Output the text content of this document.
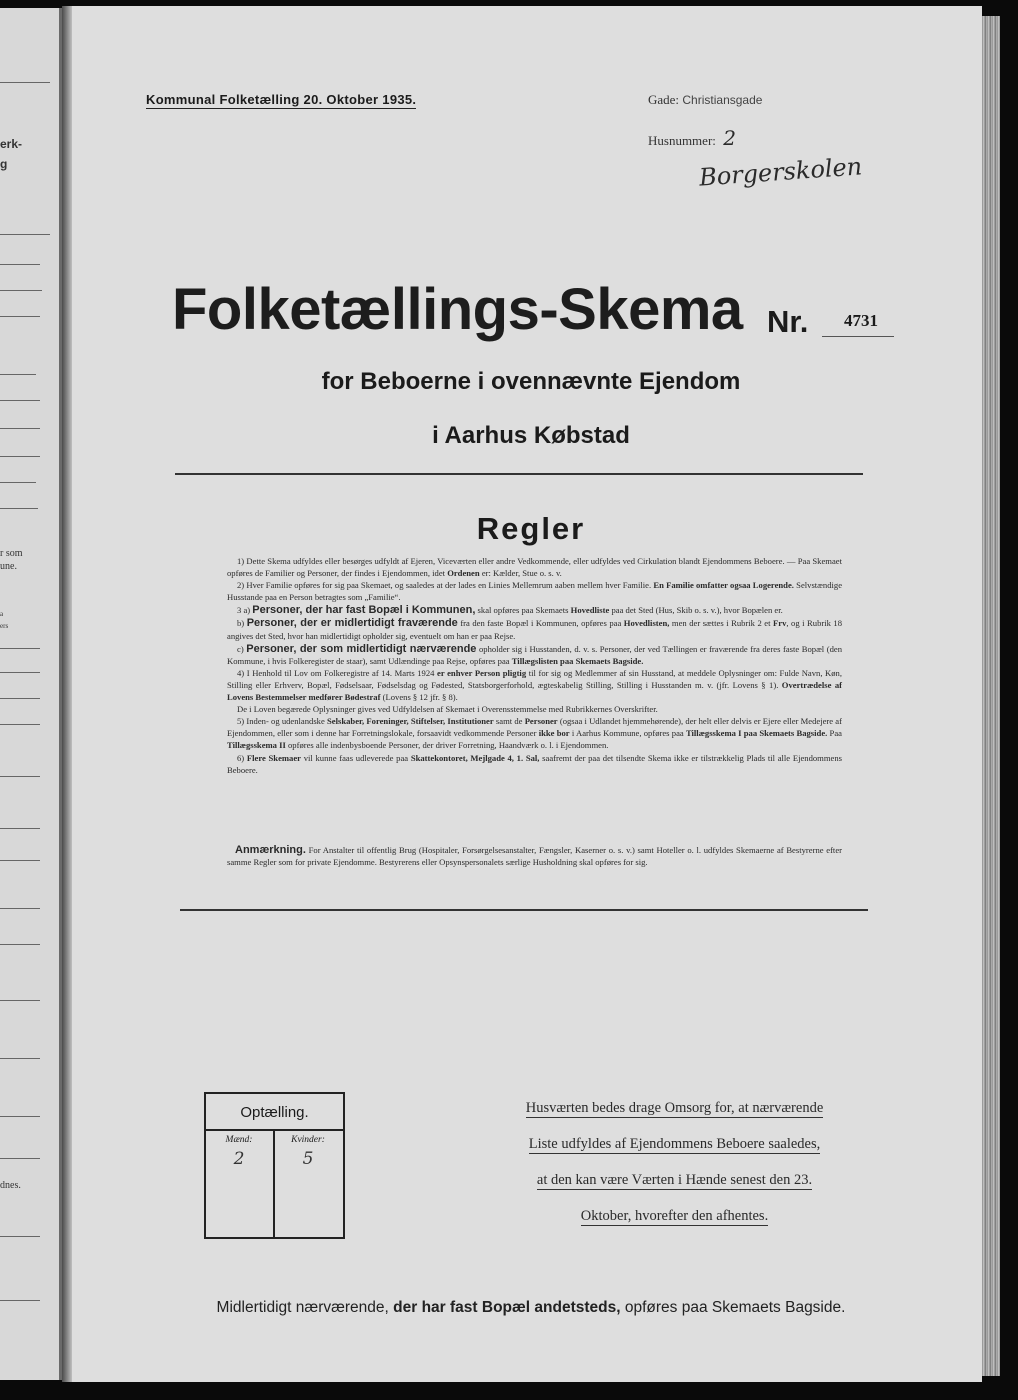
erk-
g
r som
une.
a
ers
dnes.
Kommunal Folketælling 20. Oktober 1935.	Gade: Christiansgade
Husnummer: 2
Borgerskolen
Folketællings-Skema Nr. 4731
for Beboerne i ovennævnte Ejendom
i Aarhus Købstad
Regler

1) Dette Skema udfyldes eller besørges udfyldt af Ejeren, Viceværten eller andre Vedkommende, eller udfyldes ved Cirkulation blandt Ejendommens Beboere. — Paa Skemaet opføres de Familier og Personer, der findes i Ejendommen, idet Ordenen er: Kælder, Stue o. s. v.

2) Hver Familie opføres for sig paa Skemaet, og saaledes at der lades en Linies Mellemrum aaben mellem hver Familie. En Familie omfatter ogsaa Logerende. Selvstændige Husstande paa en Person betragtes som „Familie“.

3 a) Personer, der har fast Bopæl i Kommunen, skal opføres paa Skemaets Hovedliste paa det Sted (Hus, Skib o. s. v.), hvor Bopælen er.

b) Personer, der er midlertidigt fraværende fra den faste Bopæl i Kommunen, opføres paa Hovedlisten, men der sættes i Rubrik 2 et Frv, og i Rubrik 18 angives det Sted, hvor han midlertidigt opholder sig, eventuelt om han er paa Rejse.

c) Personer, der som midlertidigt nærværende opholder sig i Husstanden, d. v. s. Personer, der ved Tællingen er fraværende fra deres faste Bopæl (den Kommune, i hvis Folkeregister de staar), samt Udlændinge paa Rejse, opføres paa Tillægslisten paa Skemaets Bagside.

4) I Henhold til Lov om Folkeregistre af 14. Marts 1924 er enhver Person pligtig til for sig og Medlemmer af sin Husstand, at meddele Oplysninger om: Fulde Navn, Køn, Stilling eller Erhverv, Bopæl, Fødselsaar, Fødselsdag og Fødested, Statsborgerforhold, ægteskabelig Stilling, Stilling i Husstanden m. v. (jfr. Lovens § 1). Overtrædelse af Lovens Bestemmelser medfører Bødestraf (Lovens § 12 jfr. § 8).

De i Loven begærede Oplysninger gives ved Udfyldelsen af Skemaet i Overensstemmelse med Rubrikkernes Overskrifter.

5) Inden- og udenlandske Selskaber, Foreninger, Stiftelser, Institutioner samt de Personer (ogsaa i Udlandet hjemmehørende), der helt eller delvis er Ejere eller Medejere af Ejendommen, eller som i denne har Forretningslokale, forsaavidt vedkommende Personer ikke bor i Aarhus Kommune, opføres paa Tillægsskema I paa Skemaets Bagside. Paa Tillægsskema II opføres alle indenbysboende Personer, der driver Forretning, Haandværk o. l. i Ejendommen.

6) Flere Skemaer vil kunne faas udleverede paa Skattekontoret, Mejlgade 4, 1. Sal, saafremt der paa det tilsendte Skema ikke er tilstrækkelig Plads til alle Ejendommens Beboere.

Anmærkning. For Anstalter til offentlig Brug (Hospitaler, Forsørgelsesanstalter, Fængsler, Kaserner o. s. v.) samt Hoteller o. l. udfyldes Skemaerne af Bestyrerne efter samme Regler som for private Ejendomme. Bestyrerens eller Opsynspersonalets særlige Husholdning skal opføres for sig.
Optælling.
Mænd:	Kvinder:
2	5
Husværten bedes drage Omsorg for, at nærværende
Liste udfyldes af Ejendommens Beboere saaledes,
at den kan være Værten i Hænde senest den 23.
Oktober, hvorefter den afhentes.
Midlertidigt nærværende, der har fast Bopæl andetsteds, opføres paa Skemaets Bagside.
